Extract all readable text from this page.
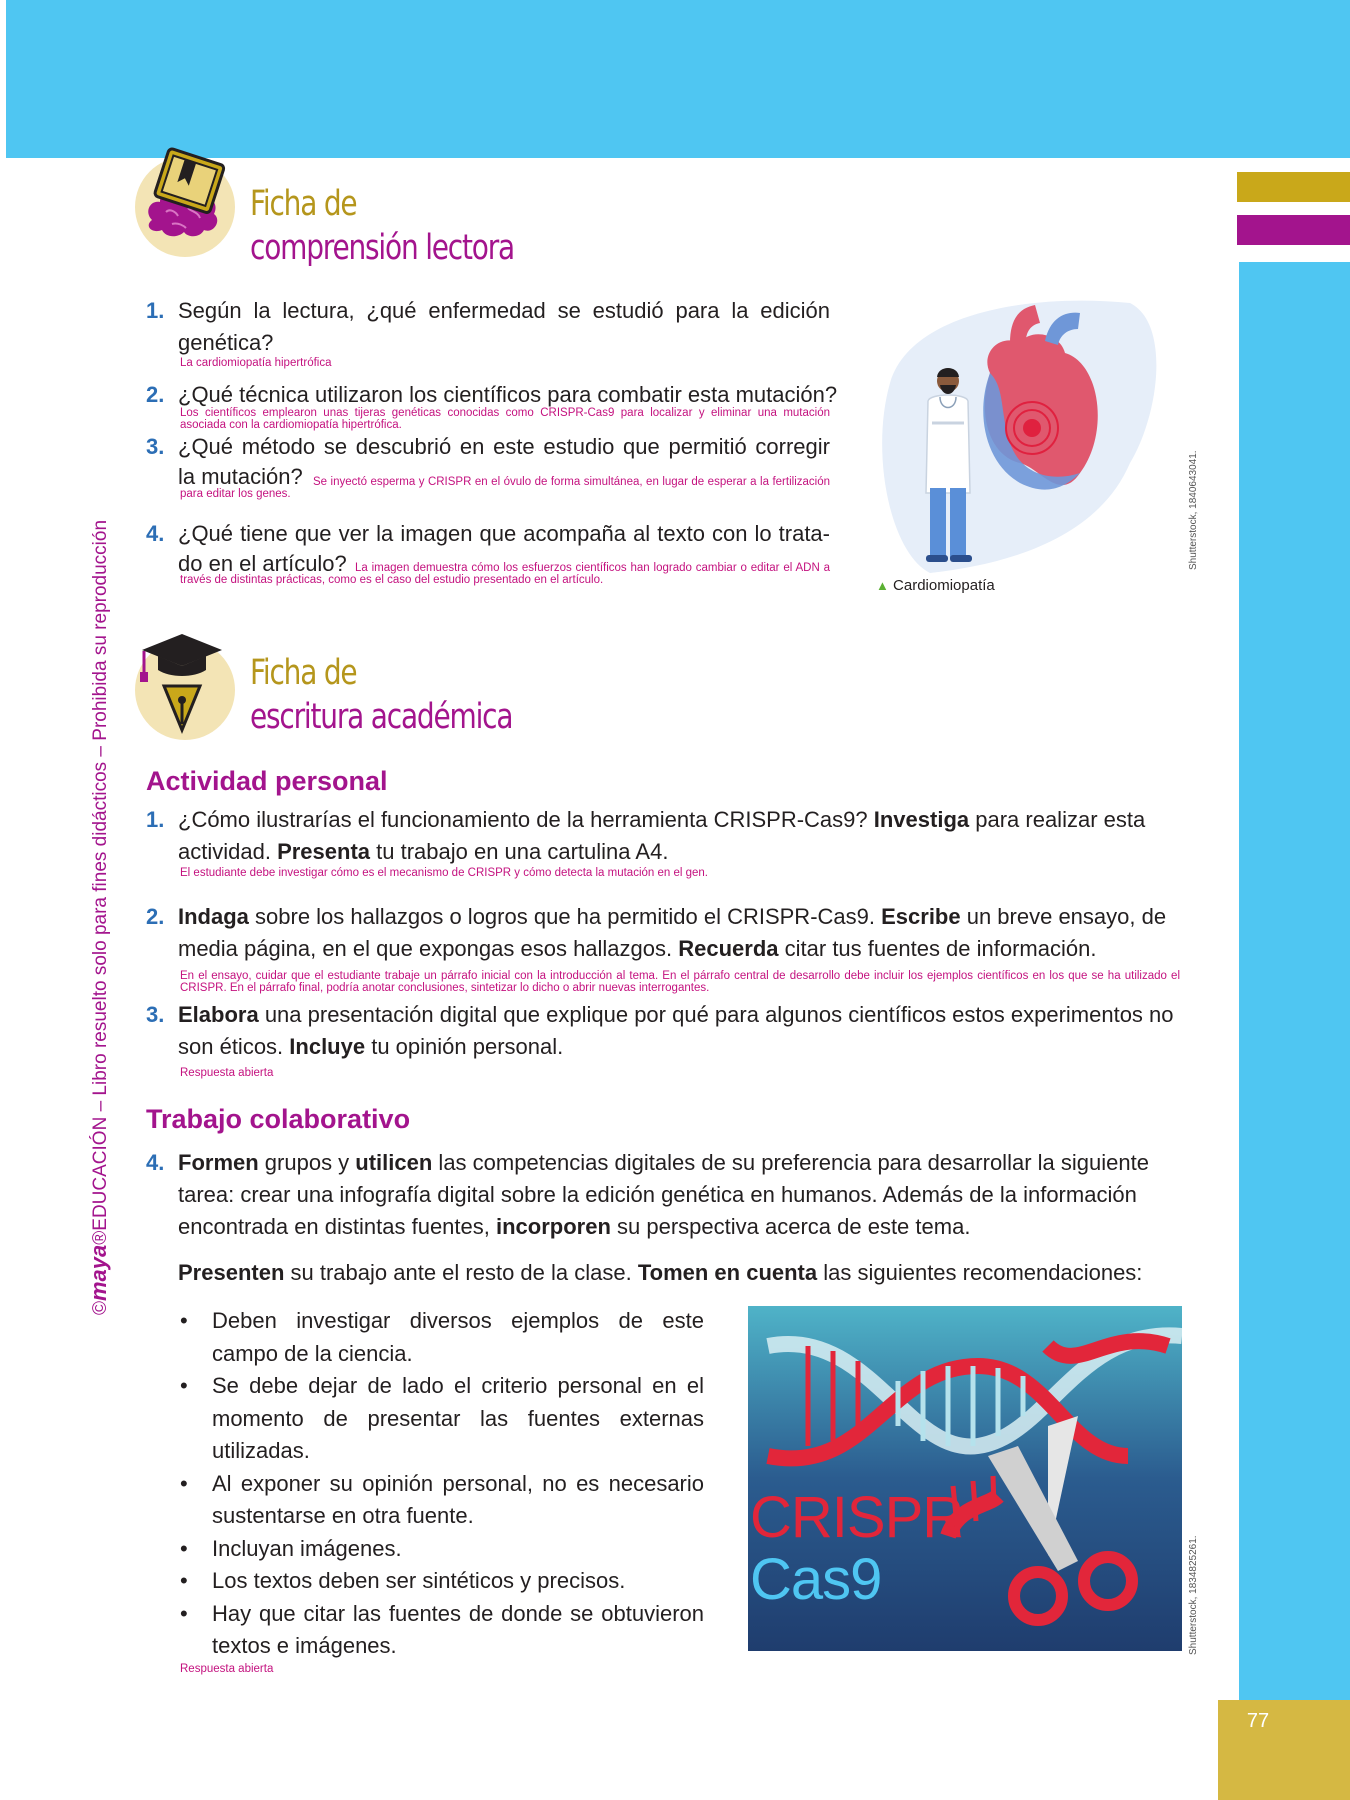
77
©maya®EDUCACIÓN – Libro resuelto solo para fines didácticos – Prohibida su reproducción
Ficha de
comprensión lectora
1. Según la lectura, ¿qué enfermedad se estudió para la edición
genética?
La cardiomiopatía hipertrófica
2. ¿Qué técnica utilizaron los científicos para combatir esta mutación?
Los científicos emplearon unas tijeras genéticas conocidas como CRISPR-Cas9 para localizar y eliminar una mutación asociada con la cardiomiopatía hipertrófica.
3. ¿Qué método se descubrió en este estudio que permitió corregir
la mutación? Se inyectó esperma y CRISPR en el óvulo de forma simultánea, en lugar de esperar a la fertilización para editar los genes.
4. ¿Qué tiene que ver la imagen que acompaña al texto con lo trata-
do en el artículo? La imagen demuestra cómo los esfuerzos científicos han logrado cambiar o editar el ADN a través de distintas prácticas, como es el caso del estudio presentado en el artículo.	▲ Cardiomiopatía
Shutterstock, 1840643041.
Ficha de
escritura académica
Actividad personal
1. ¿Cómo ilustrarías el funcionamiento de la herramienta CRISPR-Cas9? Investiga para realizar esta actividad. Presenta tu trabajo en una cartulina A4.
El estudiante debe investigar cómo es el mecanismo de CRISPR y cómo detecta la mutación en el gen.
2. Indaga sobre los hallazgos o logros que ha permitido el CRISPR-Cas9. Escribe un breve ensayo, de media página, en el que expongas esos hallazgos. Recuerda citar tus fuentes de información.
En el ensayo, cuidar que el estudiante trabaje un párrafo inicial con la introducción al tema. En el párrafo central de desarrollo debe incluir los ejemplos científicos en los que se ha utilizado el CRISPR. En el párrafo final, podría anotar conclusiones, sintetizar lo dicho o abrir nuevas interrogantes.
3. Elabora una presentación digital que explique por qué para algunos científicos estos experimentos no son éticos. Incluye tu opinión personal.
Respuesta abierta
Trabajo colaborativo
4. Formen grupos y utilicen las competencias digitales de su preferencia para desarrollar la siguiente tarea: crear una infografía digital sobre la edición genética en humanos. Además de la información encontrada en distintas fuentes, incorporen su perspectiva acerca de este tema.
Presenten su trabajo ante el resto de la clase. Tomen en cuenta las siguientes recomendaciones:
• Deben investigar diversos ejemplos de este campo de la ciencia.
• Se debe dejar de lado el criterio personal en el momento de presentar las fuentes externas utilizadas.
• Al exponer su opinión personal, no es necesario sustentarse en otra fuente.
• Incluyan imágenes.
• Los textos deben ser sintéticos y precisos.
• Hay que citar las fuentes de donde se obtuvieron textos e imágenes.
Respuesta abierta
CRISPR
Cas9	Shutterstock, 1834825261.
